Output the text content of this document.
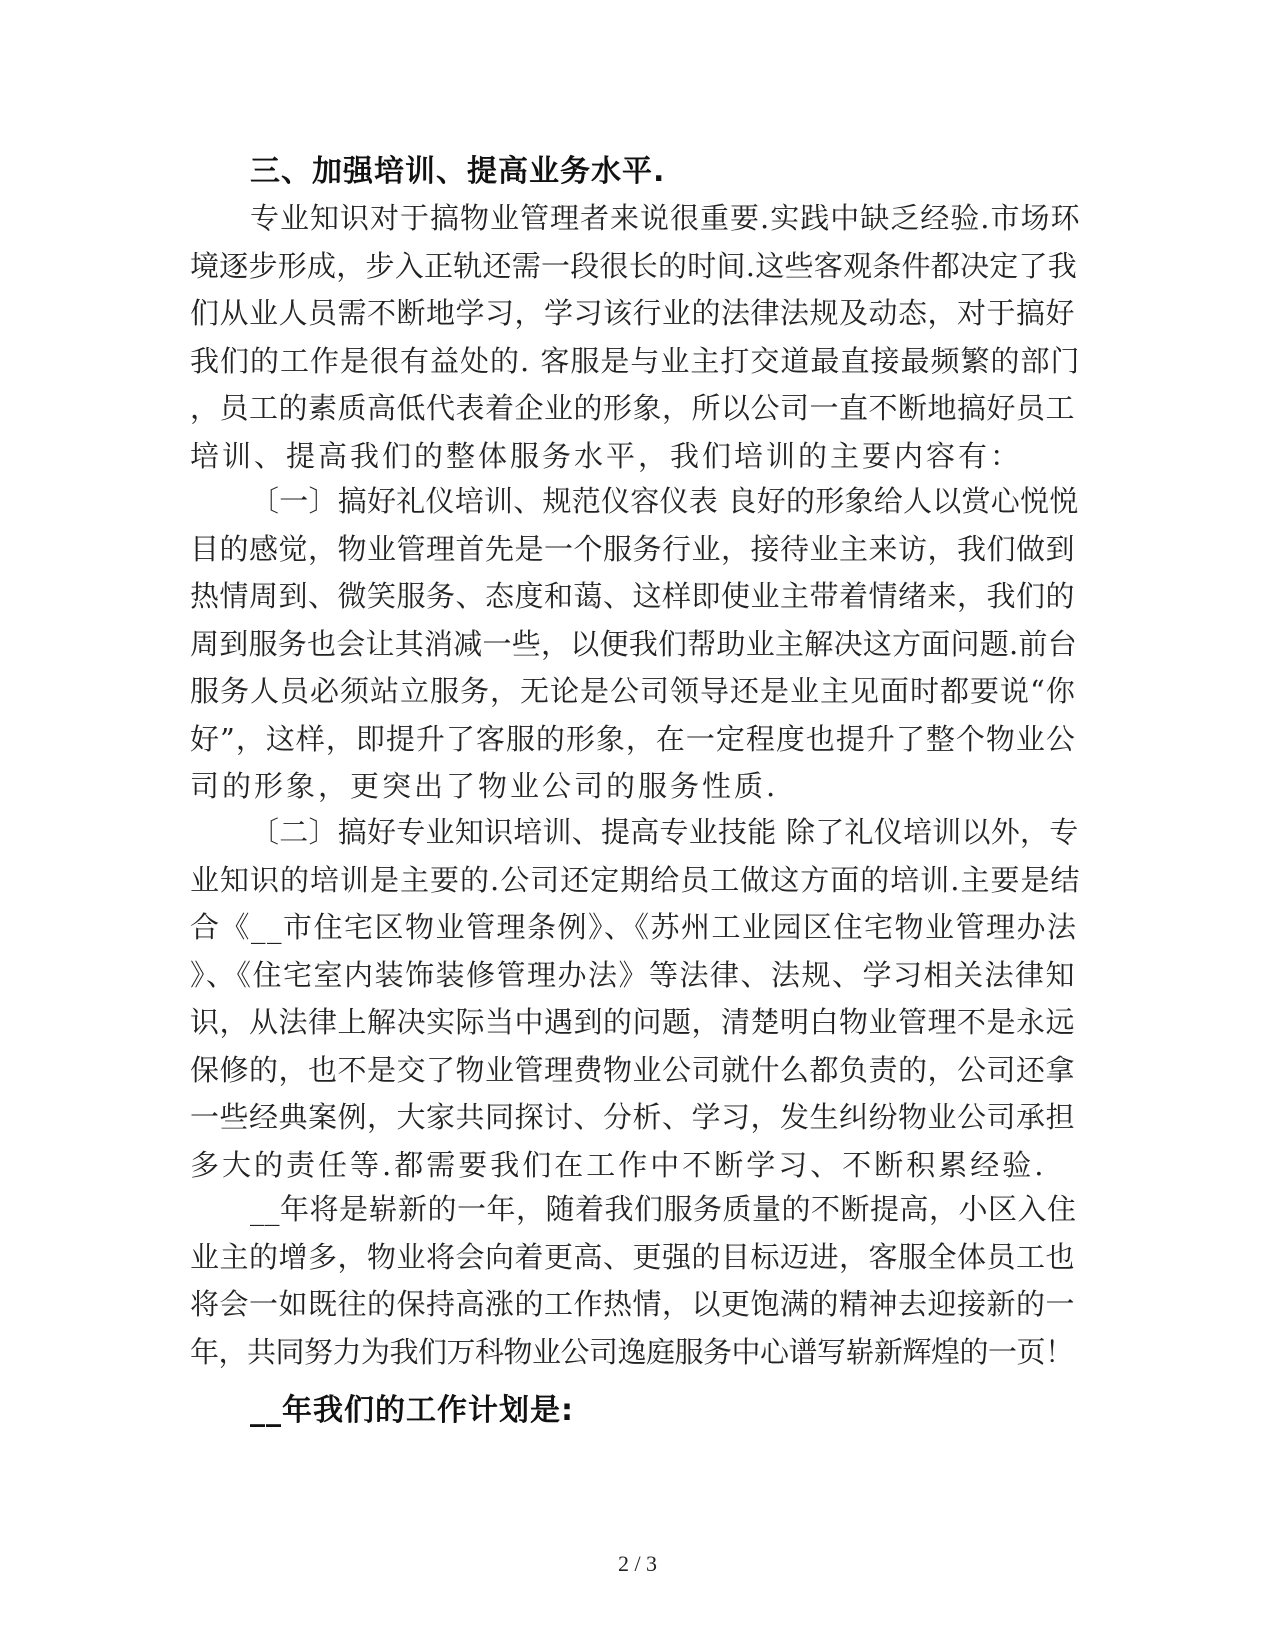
三、加强培训、提高业务水平.
专业知识对于搞物业管理者来说很重要.实践中缺乏经验.市场环
境逐步形成，步入正轨还需一段很长的时间.这些客观条件都决定了我
们从业人员需不断地学习，学习该行业的法律法规及动态，对于搞好
我们的工作是很有益处的. 客服是与业主打交道最直接最频繁的部门
，员工的素质高低代表着企业的形象，所以公司一直不断地搞好员工
培训、提高我们的整体服务水平，我们培训的主要内容有：
〔一〕搞好礼仪培训、规范仪容仪表 良好的形象给人以赏心悦悦
目的感觉，物业管理首先是一个服务行业，接待业主来访，我们做到
热情周到、微笑服务、态度和蔼、这样即使业主带着情绪来，我们的
周到服务也会让其消减一些，以便我们帮助业主解决这方面问题.前台
服务人员必须站立服务，无论是公司领导还是业主见面时都要说“你
好”，这样，即提升了客服的形象，在一定程度也提升了整个物业公
司的形象，更突出了物业公司的服务性质.
〔二〕搞好专业知识培训、提高专业技能 除了礼仪培训以外，专
业知识的培训是主要的.公司还定期给员工做这方面的培训.主要是结
合《__市住宅区物业管理条例》、《苏州工业园区住宅物业管理办法
》、《住宅室内装饰装修管理办法》等法律、法规、学习相关法律知
识，从法律上解决实际当中遇到的问题，清楚明白物业管理不是永远
保修的，也不是交了物业管理费物业公司就什么都负责的，公司还拿
一些经典案例，大家共同探讨、分析、学习，发生纠纷物业公司承担
多大的责任等.都需要我们在工作中不断学习、不断积累经验.
__年将是崭新的一年，随着我们服务质量的不断提高，小区入住
业主的增多，物业将会向着更高、更强的目标迈进，客服全体员工也
将会一如既往的保持高涨的工作热情，以更饱满的精神去迎接新的一
年，共同努力为我们万科物业公司逸庭服务中心谱写崭新辉煌的一页！
__年我们的工作计划是:
2 / 3
